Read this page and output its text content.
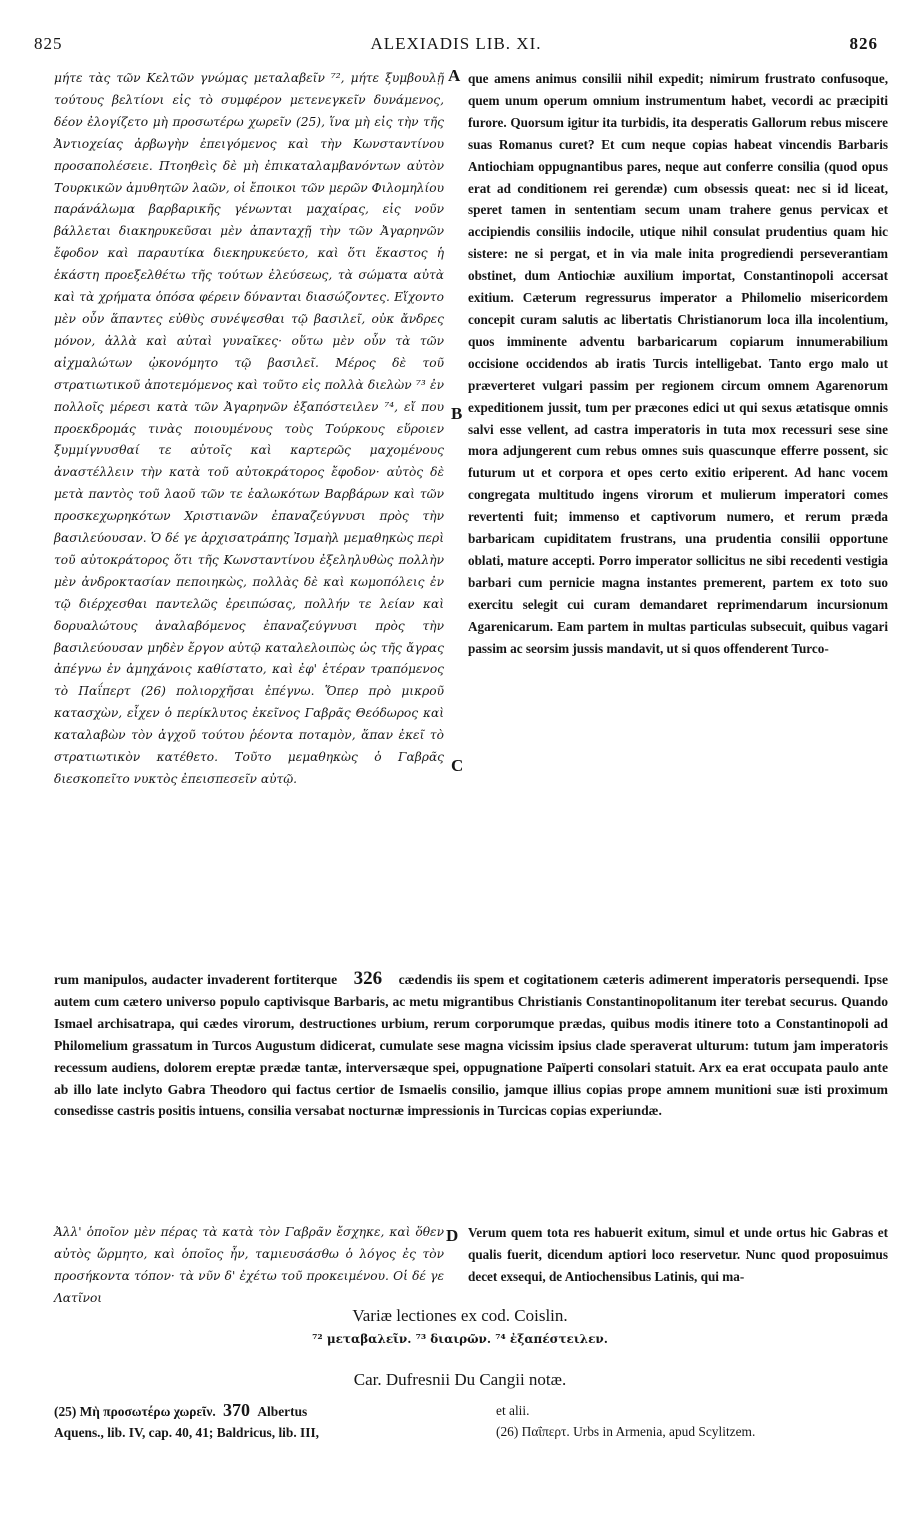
825	ALEXIADIS LIB. XI.	826
μήτε τὰς τῶν Κελτῶν γνώμας μεταλαβεῖν ⁷², μήτε ξυμβουλῇ τούτους βελτίονι εἰς τὸ συμφέρον μετενεγκεῖν δυνάμενος, δέον ἐλογίζετο μὴ προσωτέρω χωρεῖν (25), ἵνα μὴ εἰς τὴν τῆς Ἀντιοχείας ἀρβωγὴν ἐπειγόμενος καὶ τὴν Κωνσταντίνου προσαπολέσειε. Πτοηθεὶς δὲ μὴ ἐπικαταλαμβανόντων αὐτὸν Τουρκικῶν ἀμυθητῶν λαῶν, οἱ ἔποικοι τῶν μερῶν Φιλομηλίου παράνάλωμα βαρβαρικῆς γένωνται μαχαίρας, εἰς νοῦν βάλλεται διακηρυκεῦσαι μὲν ἀπανταχῇ τὴν τῶν Ἀγαρηνῶν ἔφοδον καὶ παραυτίκα διεκηρυκεύετο, καὶ ὅτι ἕκαστος ἡ ἑκάστη προεξελθέτω τῆς τούτων ἐλεύσεως, τὰ σώματα αὐτὰ καὶ τὰ χρήματα ὁπόσα φέρειν δύνανται διασώζοντες. Εἵχοντο μὲν οὖν ἅπαντες εὐθὺς συνέψεσθαι τῷ βασιλεῖ, οὐκ ἄνδρες μόνον, ἀλλὰ καὶ αὐταὶ γυναῖκες· οὕτω μὲν οὖν τὰ τῶν αἰχμαλώτων ᾠκονόμητο τῷ βασιλεῖ. Μέρος δὲ τοῦ στρατιωτικοῦ ἀποτεμόμενος καὶ τοῦτο εἰς πολλὰ διελὼν ⁷³ ἐν πολλοῖς μέρεσι κατὰ τῶν Ἀγαρηνῶν ἐξαπόστειλεν ⁷⁴, εἴ που προεκδρομάς τινὰς ποιουμένους τοὺς Τούρκους εὕροιεν ξυμμίγνυσθαί τε αὐτοῖς καὶ καρτερῶς μαχομένους ἀναστέλλειν τὴν κατὰ τοῦ αὐτοκράτορος ἔφοδον· αὐτὸς δὲ μετὰ παντὸς τοῦ λαοῦ τῶν τε ἑαλωκότων Βαρβάρων καὶ τῶν προσκεχωρηκότων Χριστιανῶν ἐπαναζεύγνυσι πρὸς τὴν βασιλεύουσαν. Ὁ δέ γε ἀρχισατράπης Ἰσμαὴλ μεμαθηκὼς περὶ τοῦ αὐτοκράτορος ὅτι τῆς Κωνσταντίνου ἐξεληλυθὼς πολλὴν μὲν ἀνδροκτασίαν πεποιηκὼς, πολλὰς δὲ καὶ κωμοπόλεις ἐν τῷ διέρχεσθαι παντελῶς ἐρειπώσας, πολλήν τε λείαν καὶ δορυαλώτους ἀναλαβόμενος ἐπαναζεύγνυσι πρὸς τὴν βασιλεύουσαν μηδὲν ἔργον αὐτῷ καταλελοιπὼς ὡς τῆς ἄγρας ἀπέγνω ἐν ἀμηχάνοις καθίστατο, καὶ ἐφ' ἑτέραν τραπόμενος τὸ Παΐπερτ (26) πολιορχῆσαι ἐπέγνω. Ὅπερ πρὸ μικροῦ κατασχὼν, εἶχεν ὁ περίκλυτος ἐκεῖνος Γαβρᾶς Θεόδωρος καὶ καταλαβὼν τὸν ἀγχοῦ τούτου ῥέοντα ποταμὸν, ἅπαν ἐκεῖ τὸ στρατιωτικὸν κατέθετο. Τοῦτο μεμαθηκὼς ὁ Γαβρᾶς διεσκοπεῖτο νυκτὸς ἐπεισπεσεῖν αὐτῷ.
A
B
C
que amens animus consilii nihil expedit; nimirum frustrato confusoque, quem unum operum omnium instrumentum habet, vecordi ac præcipiti furore. Quorsum igitur ita turbidis, ita desperatis Gallorum rebus miscere suas Romanus curet? Et cum neque copias habeat vincendis Barbaris Antiochiam oppugnantibus pares, neque aut conferre consilia (quod opus erat ad conditionem rei gerendæ) cum obsessis queat: nec si id liceat, speret tamen in sententiam secum unam trahere genus pervicax et accipiendis consiliis indocile, utique nihil consulat prudentius quam hic sistere: ne si pergat, et in via male inita progrediendi perseverantiam obstinet, dum Antiochiæ auxilium importat, Constantinopoli accersat exitium. Cæterum regressurus imperator a Philomelio misericordem concepit curam salutis ac libertatis Christianorum loca illa incolentium, quos imminente adventu barbaricarum copiarum innumerabilium occisione occidendos ab iratis Turcis intelligebat. Tanto ergo malo ut præverteret vulgari passim per regionem circum omnem Agarenorum expeditionem jussit, tum per præcones edici ut qui sexus ætatisque omnis salvi esse vellent, ad castra imperatoris in tuta mox recessuri sese sine mora adjungerent cum rebus omnes suis quascunque efferre possent, sic futurum ut et corpora et opes certo exitio eriperent. Ad hanc vocem congregata multitudo ingens virorum et mulierum imperatori comes revertenti fuit; immenso et captivorum numero, et rerum præda barbaricam cupiditatem frustrans, una prudentia consilii opportune oblati, mature accepti. Porro imperator sollicitus ne sibi recedenti vestigia barbari cum pernicie magna instantes premerent, partem ex toto suo exercitu selegit cui curam demandaret reprimendarum incursionum Agarenicarum. Eam partem in multas particulas subsecuit, quibus vagari passim ac seorsim jussis mandavit, ut si quos offenderent Turco-
rum manipulos, audacter invaderent fortiterque 326 cædendis iis spem et cogitationem cæteris adimerent imperatoris persequendi. Ipse autem cum cætero universo populo captivisque Barbaris, ac metu migrantibus Christianis Constantinopolitanum iter terebat securus. Quando Ismael archisatrapa, qui cædes virorum, destructiones urbium, rerum corporumque prædas, quibus modis itinere toto a Constantinopoli ad Philomelium grassatum in Turcos Augustum didicerat, cumulate sese magna vicissim ipsius clade speraverat ulturum: tutum jam imperatoris recessum audiens, dolorem ereptæ prædæ tantæ, interversæque spei, oppugnatione Païperti consolari statuit. Arx ea erat occupata paulo ante ab illo late inclyto Gabra Theodoro qui factus certior de Ismaelis consilio, jamque illius copias prope amnem munitioni suæ isti proximum consedisse castris positis intuens, consilia versabat nocturnæ impressionis in Turcicas copias experiundæ.
Ἀλλ' ὁποῖον μὲν πέρας τὰ κατὰ τὸν Γαβρᾶν ἔσχηκε, καὶ ὅθεν αὐτὸς ὥρμητο, καὶ ὁποῖος ἦν, ταμιευσάσθω ὁ λόγος ἐς τὸν προσήκοντα τόπον· τὰ νῦν δ' ἐχέτω τοῦ προκειμένου. Οἱ δέ γε Λατῖνοι
D Verum quem tota res habuerit exitum, simul et unde ortus hic Gabras et qualis fuerit, dicendum aptiori loco reservetur. Nunc quod proposuimus decet exsequi, de Antiochensibus Latinis, qui ma-
Variæ lectiones ex cod. Coislin.
⁷² μεταβαλεῖν. ⁷³ διαιρῶν. ⁷⁴ ἐξαπέστειλεν.
Car. Dufresnii Du Cangii notæ.
(25) Μὴ προσωτέρω χωρεῖν. 370 Albertus
Aquens., lib. IV, cap. 40, 41; Baldricus, lib. III,
et alii.
(26) Παΐπερτ. Urbs in Armenia, apud Scylitzem.
